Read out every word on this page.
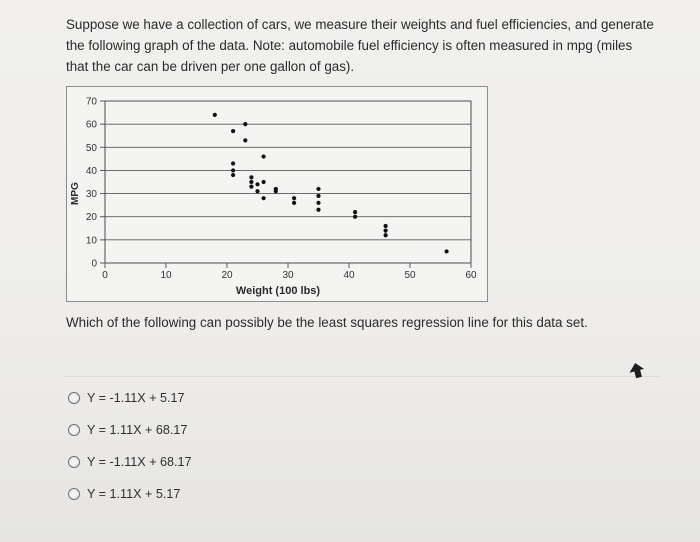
Suppose we have a collection of cars, we measure their weights and fuel efficiencies, and generate
the following graph of the data. Note: automobile fuel efficiency is often measured in mpg (miles
that the car can be driven per one gallon of gas).
0
10
20
30
40
50
60
70
0	10	20	30	40	50	60
Weight (100 lbs)
MPG
Which of the following can possibly be the least squares regression line for this data set.
Y = -1.11X + 5.17
Y = 1.11X + 68.17
Y = -1.11X + 68.17
Y = 1.11X + 5.17
